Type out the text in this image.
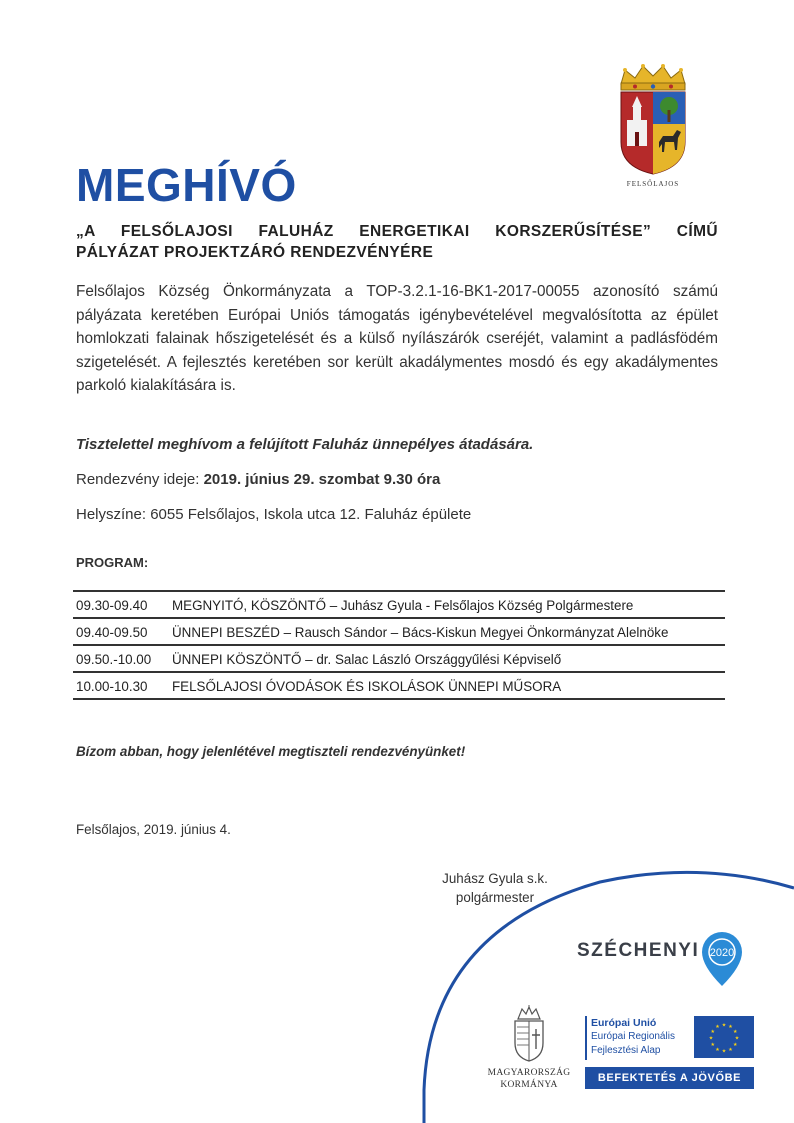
FELSŐLAJOS
MEGHÍVÓ
„A FELSŐLAJOSI FALUHÁZ ENERGETIKAI KORSZERŰSÍTÉSE” CÍMŰ
PÁLYÁZAT PROJEKTZÁRÓ RENDEZVÉNYÉRE
Felsőlajos Község Önkormányzata a TOP-3.2.1-16-BK1-2017-00055 azonosító számú pályázata keretében Európai Uniós támogatás igénybevételével megvalósította az épület homlokzati falainak hőszigetelését és a külső nyílászárók cseréjét, valamint a padlásfödém szigetelését. A fejlesztés keretében sor került akadálymentes mosdó és egy akadálymentes parkoló kialakítására is.
Tisztelettel meghívom a felújított Faluház ünnepélyes átadására.
Rendezvény ideje: 2019. június 29. szombat 9.30 óra
Helyszíne: 6055 Felsőlajos, Iskola utca 12. Faluház épülete
PROGRAM:
09.30-09.40	MEGNYITÓ, KÖSZÖNTŐ – Juhász Gyula - Felsőlajos Község Polgármestere
09.40-09.50	ÜNNEPI BESZÉD – Rausch Sándor – Bács-Kiskun Megyei Önkormányzat Alelnöke
09.50.-10.00	ÜNNEPI KÖSZÖNTŐ – dr. Salac László Országgyűlési Képviselő
10.00-10.30	FELSŐLAJOSI ÓVODÁSOK ÉS ISKOLÁSOK ÜNNEPI MŰSORA
Bízom abban, hogy jelenlétével megtiszteli rendezvényünket!
Felsőlajos, 2019. június 4.
Juhász Gyula s.k.
polgármester
SZÉCHENYI 2020
MAGYARORSZÁG
KORMÁNYA
Európai Unió
Európai Regionális
Fejlesztési Alap
★ ★
★
★
★
★
★
★
★
★
★
★
BEFEKTETÉS A JÖVŐBE
